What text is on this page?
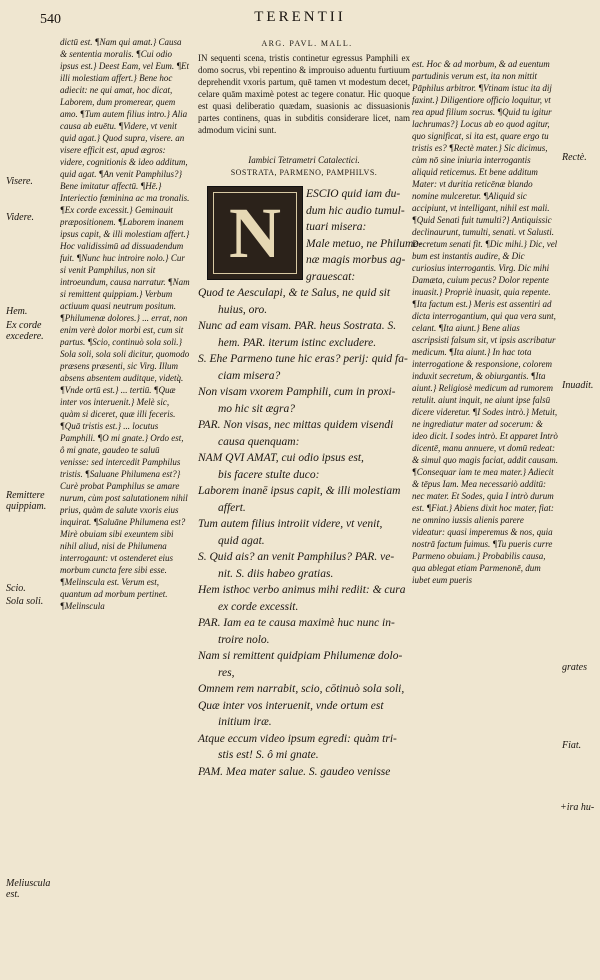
540	TERENTII
Visere.
Videre.
Hem.
Ex corde excedere.
Remittere quippiam.
Scio.
Sola soli.
Meliuscula est.
dictū est. ¶Nam qui amat.} Causa & sententia moralis. ¶Cui odio ipsus est.} Deest Eam, vel Eum. ¶Et illi molestiam affert.} Bene hoc adiecit: ne qui amat, hoc dicat, Laborem, dum promerear, quem amo. ¶Tum autem filius intro.} Alia causa ab euētu. ¶Videre, vt venit quid agat.} Quod supra, visere. an visere efficit est, apud ægros: videre, cognitionis & ideo additum, quid agat. ¶An venit Pamphilus?} Bene imitatur affectū. ¶Hē.} Interiectio fœminina ac ma tronalis. ¶Ex corde excessit.} Geminauit præpositionem. ¶Laborem inanem ipsus capit, & illi molestiam affert.} Hoc validissimū ad dissuadendum fuit. ¶Nunc huc introire nolo.} Cur si venit Pamphilus, non sit introeundum, causa narratur. ¶Nam si remittent quippiam.} Verbum actiuum quasi neutrum positum. ¶Philumenæ dolores.} ... errat, non enim verè dolor morbi est, cum sit partus. ¶Scio, continuò sola soli.} Sola soli, sola soli dicitur, quomodo præsens præsenti, sic Virg. Illum absens absentem auditque, videtq̀. ¶Vnde ortū est.} ... tertiū. ¶Quæ inter vos interuenit.} Melè sic, quàm si diceret, quæ illi feceris. ¶Quā tristis est.} ... locutus Pamphili. ¶O mi gnate.} Ordo est, ô mi gnate, gaudeo te saluū venisse: sed intercedit Pamphilus tristis. ¶Saluane Philumena est?} Curè probat Pamphilus se amare nurum, cùm post salutationem nihil prius, quàm de salute vxoris eius inquirat. ¶Saluāne Philumena est? Mirè obuiam sibi exeuntem sibi nihil aliud, nisi de Philumena interrogaunt: vt ostenderet eius morbum cuncta fere sibi esse. ¶Melinscula est. Verum est, quantum ad morbum pertinet. ¶Melinscula
ARG. PAVL. MALL.
IN sequenti scena, tristis continetur egressus Pamphili ex domo socrus, vbi repentino & improuiso aduentu furtiuum deprehendit vxoris partum, quē tamen vt modestum decet, celare quām maximè potest ac tegere conatur. Hic quoque est quasi deliberatio quædam, suasionis ac dissuasionis partes continens, quas in subditis considerare licet, nam admodum vicini sunt.
Iambici Tetrametri Catalectici.
SOSTRATA, PARMENO, PAMPHILVS.
ESCIO quid iam du-
dum hic audio tumul-
tuari misera:
Male metuo, ne Philume-
næ magis morbus ag-
grauescat:
Quod te Aesculapi, & te Salus, ne quid sit
huius, oro.
Nunc ad eam visam. PAR. heus Sostrata. S.
hem. PAR. iterum istinc excludere.
S. Ehe Parmeno tune hic eras? perij: quid fa-
ciam misera?
Non visam vxorem Pamphili, cum in proxi-
mo hic sit ægra?
PAR. Non visas, nec mittas quidem visendi
causa quenquam:
NAM QVI AMAT, cui odio ipsus est,
bis facere stulte duco:
Laborem inanē ipsus capit, & illi molestiam
affert.
Tum autem filius introiit videre, vt venit,
quid agat.
S. Quid ais? an venit Pamphilus? PAR. ve-
nit. S. diis habeo gratias.
Hem isthoc verbo animus mihi rediit: & cura
ex corde excessit.
PAR. Iam ea te causa maximè huc nunc in-
troire nolo.
Nam si remittent quidpiam Philumenæ dolo-
res,
Omnem rem narrabit, scio, cōtinuò sola soli,
Quæ inter vos interuenit, vnde ortum est
initium iræ.
Atque eccum video ipsum egredi: quàm tri-
stis est! S. ô mi gnate.
PAM. Mea mater salue. S. gaudeo venisse
N
est. Hoc & ad morbum, & ad euentum partudinis verum est, ita non mittit Pāphilus arbitror. ¶Vtinam istuc ita dij faxint.} Diligentiore officio loquitur, vt rea apud filium socrus. ¶Quid tu igitur lachrumas?} Locus ab eo quod agitur, quo significat, si ita est, quare ergo tu tristis es? ¶Rectè mater.} Sic dicimus, cùm nō sine iniuria interrogantis aliquid reticemus. Et bene additum Mater: vt duritia reticēnæ blando nomine mulceretur. ¶Aliquid sic accipiunt, vt intelligant, nihil est mali. ¶Quid Senati fuit tumulti?} Antiquissic declinaurunt, tumulti, senati. vt Salusti. Decretum senati fit. ¶Dic mihi.} Dic, vel bum est instantis audire, & Dic curiosius interrogantis. Virg. Dic mihi Damæta, cuium pecus? Dolor repente inuasit.} Propriè inuasit, quia repente. ¶Ita factum est.} Meris est assentiri ad dicta interrogantium, qui qua vera sunt, celant. ¶Ita aiunt.} Bene alias ascripsisti falsum sit, vt ipsis ascribatur medicum. ¶Ita aiunt.} In hac tota interrogatione & responsione, colorem induxit secretum, & obiurgantis. ¶Ita aiunt.} Religiosè medicum ad rumorem retulit. aiunt inquit, ne aiunt ipse falsū dicere videretur. ¶I Sodes intrò.} Metuit, ne ingrediatur mater ad socerum: & ideo dicit. I sodes intrò. Et apparet Intrò dicentē, manu annuere, vt domū redeat: & simul quo magis faciat, addit causam. ¶Consequar iam te mea mater.} Adiecit & tēpus Iam. Mea necessariò additū: nec mater. Et Sodes, quia I intrò durum est. ¶Fiat.} Abiens dixit hoc mater, fiat: ne omnino iussis alienis parere videatur: quasi imperemus & nos, quia nostrā factum fuimus. ¶Tu pueris curre Parmeno obuiam.} Probabilis causa, qua ablegat etiam Parmenonē, dum iubet eum pueris
Rectè.
Inuadit.
grates
Fiat.
+ira hu-
